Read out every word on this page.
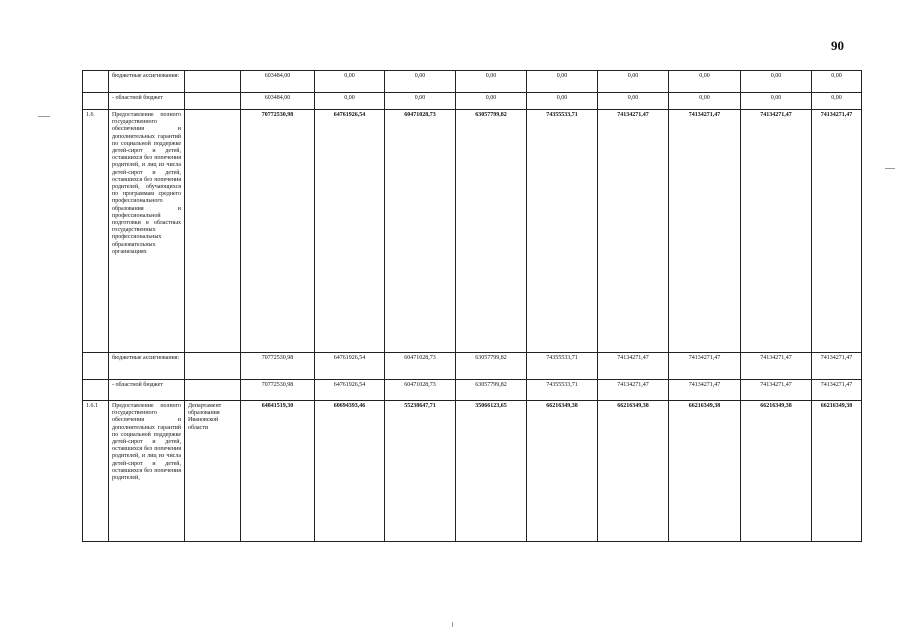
90
	бюджетные ассигнования:		603484,00	0,00	0,00	0,00	0,00	0,00	0,00	0,00	0,00
	- областной бюджет		603484,00	0,00	0,00	0,00	0,00	0,00	0,00	0,00	0,00
1.6	Предоставление полного государственного обеспечения и дополнительных гарантий по социальной поддержке детей-сирот и детей, оставшихся без попечения родителей, и лиц из числа детей-сирот и детей, оставшихся без попечения родителей, обучающихся по программам среднего профессионального образования и профессиональной подготовки в областных государственных профессиональных образовательных организациях		70772530,98	64761926,54	60471028,73	63057799,82	74355533,71	74134271,47	74134271,47	74134271,47	74134271,47
	бюджетные ассигнования:		70772530,98	64761926,54	60471028,73	63057799,82	74355533,71	74134271,47	74134271,47	74134271,47	74134271,47
	- областной бюджет		70772530,98	64761926,54	60471028,73	63057799,82	74355533,71	74134271,47	74134271,47	74134271,47	74134271,47
1.6.1	Предоставление полного государственного обеспечения и дополнительных гарантий по социальной поддержке детей-сирот и детей, оставшихся без попечения родителей, и лиц из числа детей-сирот и детей, оставшихся без попечения родителей,	Департамент образования Ивановской области	64841519,30	60694393,46	55238647,71	35066123,65	66216349,38	66216349,38	66216349,38	66216349,38	66216349,38
